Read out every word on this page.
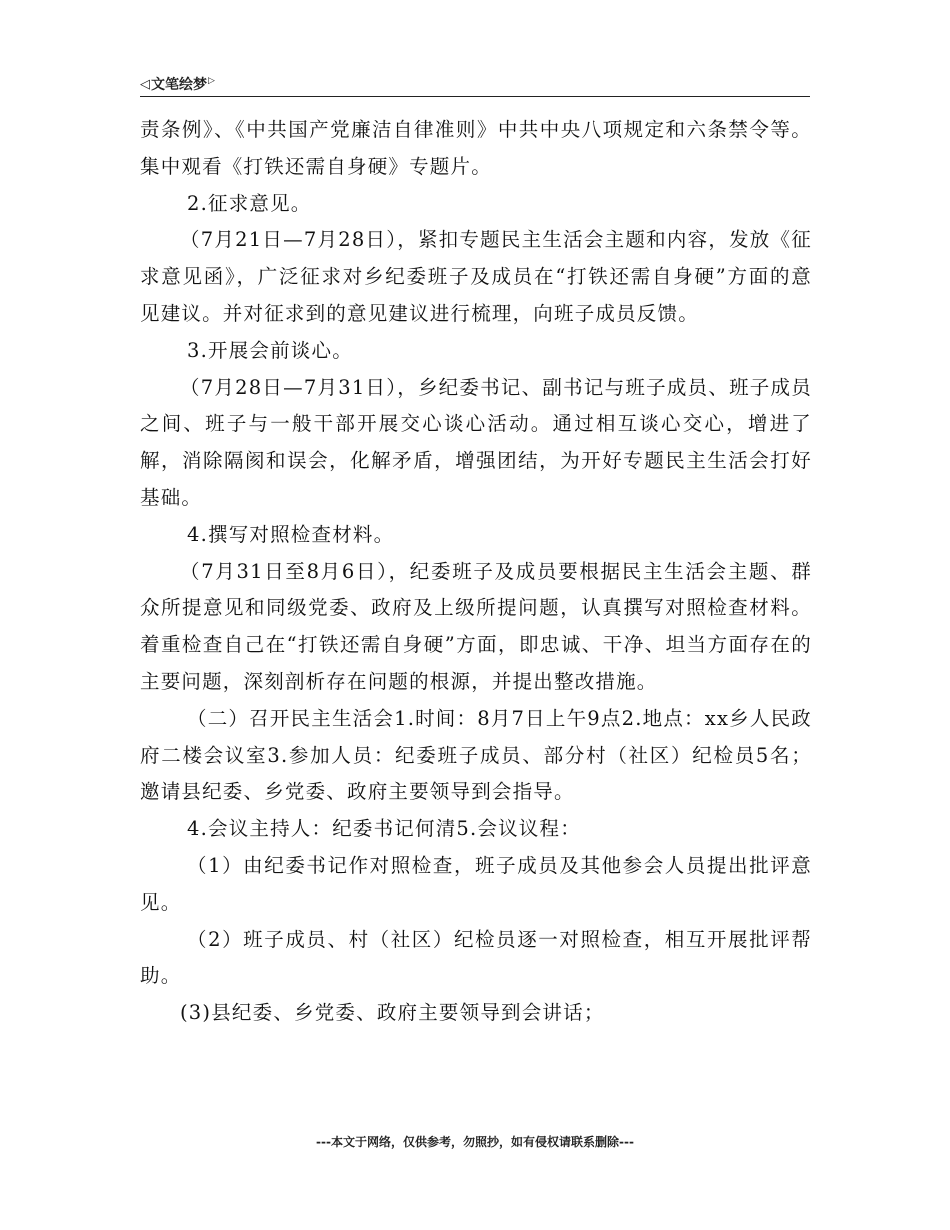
◁ 文笔绘梦 ▷

责条例》、《中共国产党廉洁自律准则》中共中央八项规定和六条禁令等。集中观看《打铁还需自身硬》专题片。

2.征求意见。

（7月21日—7月28日），紧扣专题民主生活会主题和内容，发放《征求意见函》，广泛征求对乡纪委班子及成员在“打铁还需自身硬”方面的意见建议。并对征求到的意见建议进行梳理，向班子成员反馈。

3.开展会前谈心。

（7月28日—7月31日），乡纪委书记、副书记与班子成员、班子成员之间、班子与一般干部开展交心谈心活动。通过相互谈心交心，增进了解，消除隔阂和误会，化解矛盾，增强团结，为开好专题民主生活会打好基础。

4.撰写对照检查材料。

（7月31日至8月6日），纪委班子及成员要根据民主生活会主题、群众所提意见和同级党委、政府及上级所提问题，认真撰写对照检查材料。着重检查自己在“打铁还需自身硬”方面，即忠诚、干净、坦当方面存在的主要问题，深刻剖析存在问题的根源，并提出整改措施。

（二）召开民主生活会1.时间：8月7日上午9点2.地点：xx乡人民政府二楼会议室3.参加人员：纪委班子成员、部分村（社区）纪检员5名；邀请县纪委、乡党委、政府主要领导到会指导。

4.会议主持人：纪委书记何清5.会议议程：

（1）由纪委书记作对照检查，班子成员及其他参会人员提出批评意见。

（2）班子成员、村（社区）纪检员逐一对照检查，相互开展批评帮助。

(3)县纪委、乡党委、政府主要领导到会讲话；

---本文于网络，仅供参考，勿照抄，如有侵权请联系删除---
